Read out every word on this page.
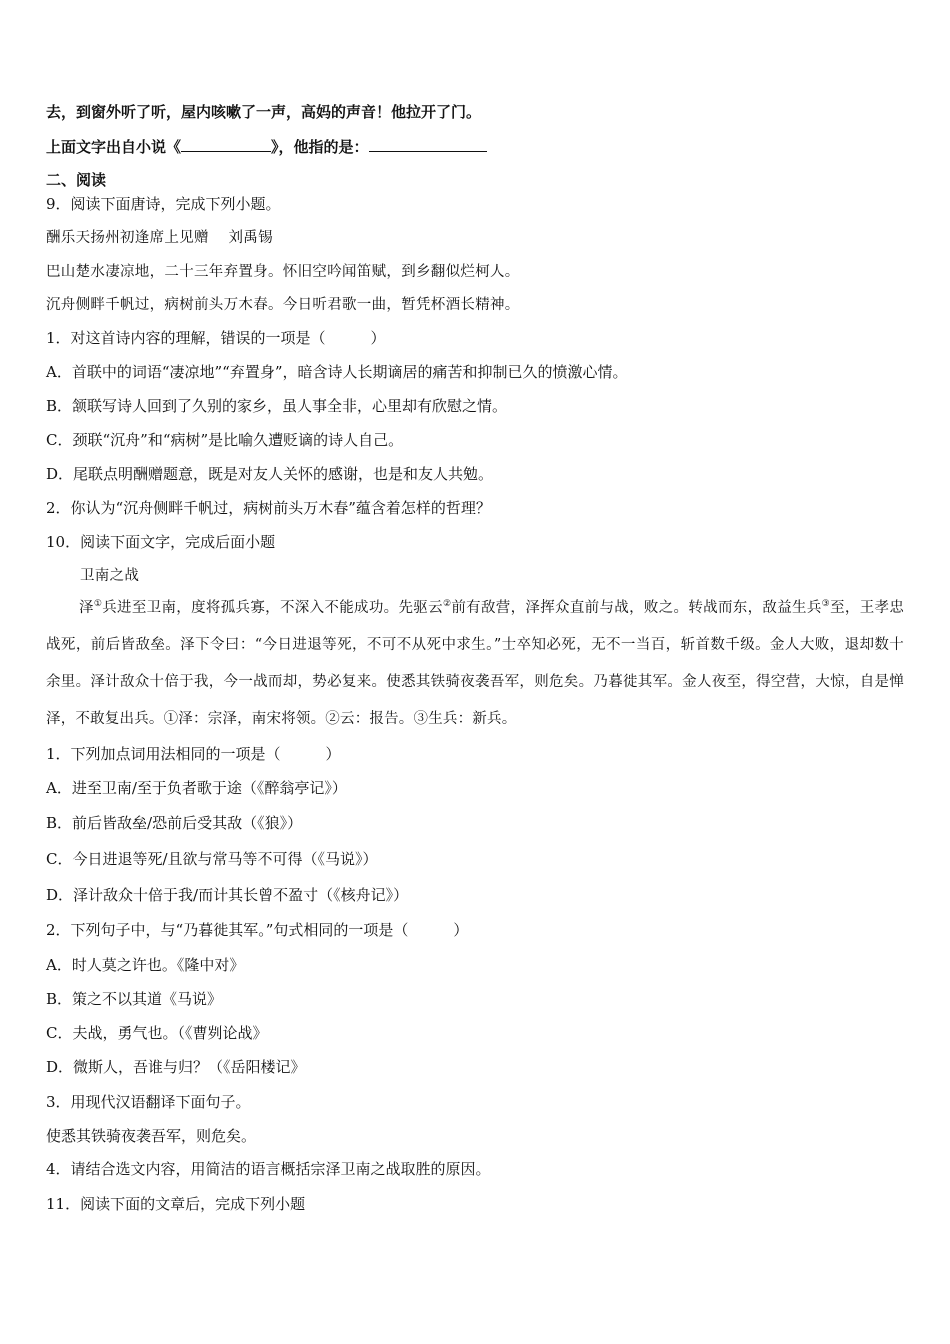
去，到窗外听了听，屋内咳嗽了一声，高妈的声音！他拉开了门。
上面文字出自小说《	》，他指的是：
二、阅读
9．阅读下面唐诗，完成下列小题。
酬乐天扬州初逢席上见赠　 刘禹锡
巴山楚水凄凉地，二十三年弃置身。怀旧空吟闻笛赋，到乡翻似烂柯人。
沉舟侧畔千帆过，病树前头万木春。今日听君歌一曲，暂凭杯酒长精神。
1．对这首诗内容的理解，错误的一项是（　　　）
A．首联中的词语“凄凉地”“弃置身”，暗含诗人长期谪居的痛苦和抑制已久的愤激心情。
B．颔联写诗人回到了久别的家乡，虽人事全非，心里却有欣慰之情。
C．颈联“沉舟”和“病树”是比喻久遭贬谪的诗人自己。
D．尾联点明酬赠题意，既是对友人关怀的感谢，也是和友人共勉。
2．你认为“沉舟侧畔千帆过，病树前头万木春”蕴含着怎样的哲理？
10．阅读下面文字，完成后面小题
卫南之战
泽①兵进至卫南，度将孤兵寡，不深入不能成功。先驱云②前有敌营，泽挥众直前与战，败之。转战而东，敌益生兵③至，王孝忠战死，前后皆敌垒。泽下令曰：“今日进退等死，不可不从死中求生。”士卒知必死，无不一当百，斩首数千级。金人大败，退却数十余里。泽计敌众十倍于我，今一战而却，势必复来。使悉其铁骑夜袭吾军，则危矣。乃暮徙其军。金人夜至，得空营，大惊，自是惮泽，不敢复出兵。①泽：宗泽，南宋将领。②云：报告。③生兵：新兵。
1．下列加点词用法相同的一项是（　　　）
A．进至卫南/至于负者歌于途（《醉翁亭记》）
B．前后皆敌垒/恐前后受其敌（《狼》）
C．今日进退等死/且欲与常马等不可得（《马说》）
D．泽计敌众十倍于我/而计其长曾不盈寸（《核舟记》）
2．下列句子中，与“乃暮徙其军。”句式相同的一项是（　　　）
A．时人莫之许也。《隆中对》
B．策之不以其道《马说》
C．夫战，勇气也。（《曹刿论战》
D．微斯人，吾谁与归？（《岳阳楼记》
3．用现代汉语翻译下面句子。
使悉其铁骑夜袭吾军，则危矣。
4．请结合选文内容，用简洁的语言概括宗泽卫南之战取胜的原因。
11．阅读下面的文章后，完成下列小题
